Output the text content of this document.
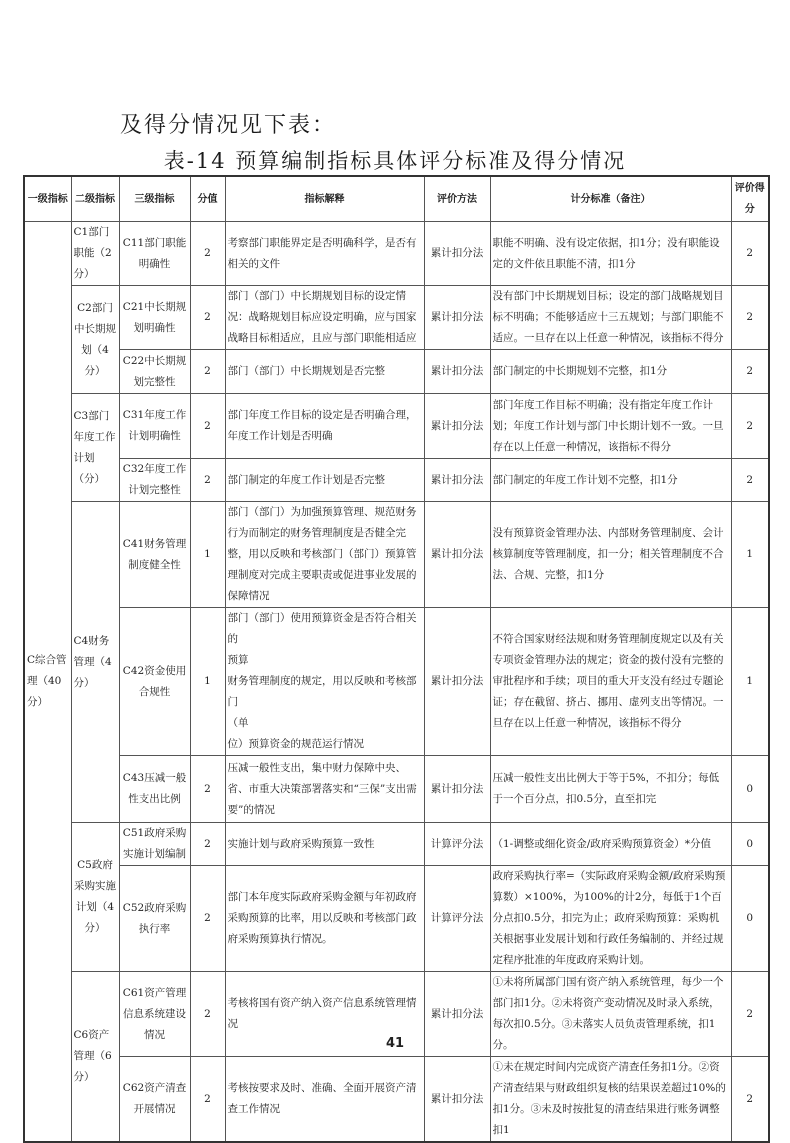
及得分情况见下表：
表-14 预算编制指标具体评分标准及得分情况
一级指标	二级指标	三级指标	分值	指标解释	评价方法	计分标准（备注）	评价得分
C综合管理（40分）	C1部门职能（2分）	C11部门职能明确性	2	考察部门职能界定是否明确科学，是否有相关的文件	累计扣分法	职能不明确、没有设定依据，扣1分；没有职能设定的文件依且职能不清，扣1分	2
	C2部门中长期规划（4分）	C21中长期规划明确性	2	部门（部门）中长期规划目标的设定情况：战略规划目标应设定明确，应与国家战略目标相适应，且应与部门职能相适应	累计扣分法	没有部门中长期规划目标；设定的部门战略规划目标不明确；不能够适应十三五规划；与部门职能不适应。一旦存在以上任意一种情况，该指标不得分	2
		C22中长期规划完整性	2	部门（部门）中长期规划是否完整	累计扣分法	部门制定的中长期规划不完整，扣1分	2
	C3部门年度工作计划（分）	C31年度工作计划明确性	2	部门年度工作目标的设定是否明确合理，年度工作计划是否明确	累计扣分法	部门年度工作目标不明确；没有指定年度工作计划；年度工作计划与部门中长期计划不一致。一旦存在以上任意一种情况，该指标不得分	2
		C32年度工作计划完整性	2	部门制定的年度工作计划是否完整	累计扣分法	部门制定的年度工作计划不完整，扣1分	2
	C4财务管理（4分）	C41财务管理制度健全性	1	部门（部门）为加强预算管理、规范财务行为而制定的财务管理制度是否健全完整，用以反映和考核部门（部门）预算管理制度对完成主要职责或促进事业发展的保障情况	累计扣分法	没有预算资金管理办法、内部财务管理制度、会计核算制度等管理制度，扣一分；相关管理制度不合法、合规、完整，扣1分	1
		C42资金使用合规性	1	部门（部门）使用预算资金是否符合相关的
预算
财务管理制度的规定，用以反映和考核部门
（单
位）预算资金的规范运行情况	累计扣分法	不符合国家财经法规和财务管理制度规定以及有关专项资金管理办法的规定；资金的拨付没有完整的审批程序和手续；项目的重大开支没有经过专题论证；存在截留、挤占、挪用、虚列支出等情况。一旦存在以上任意一种情况，该指标不得分	1
		C43压减一般性支出比例	2	压减一般性支出，集中财力保障中央、省、市重大决策部署落实和“三保”支出需要”的情况	累计扣分法	压减一般性支出比例大于等于5%，不扣分；每低于一个百分点，扣0.5分，直至扣完	0
	C5政府采购实施计划（4分）	C51政府采购实施计划编制	2	实施计划与政府采购预算一致性	计算评分法	（1-调整或细化资金/政府采购预算资金）*分值	0
		C52政府采购执行率	2	部门本年度实际政府采购金额与年初政府采购预算的比率，用以反映和考核部门政府采购预算执行情况。	计算评分法	政府采购执行率=（实际政府采购金额/政府采购预算数）×100%，为100%的计2分，每低于1个百分点扣0.5分，扣完为止；政府采购预算：采购机关根据事业发展计划和行政任务编制的、并经过规定程序批准的年度政府采购计划。	0
	C6资产管理（6分）	C61资产管理信息系统建设情况	2	考核将国有资产纳入资产信息系统管理情况	累计扣分法	①未将所属部门国有资产纳入系统管理，每少一个部门扣1分。②未将资产变动情况及时录入系统，每次扣0.5分。③未落实人员负责管理系统，扣1分。	2
		C62资产清查开展情况	2	考核按要求及时、准确、全面开展资产清查工作情况	累计扣分法	①未在规定时间内完成资产清查任务扣1分。②资产清查结果与财政组织复核的结果误差超过10%的扣1分。③未及时按批复的清查结果进行账务调整扣1	2
41
